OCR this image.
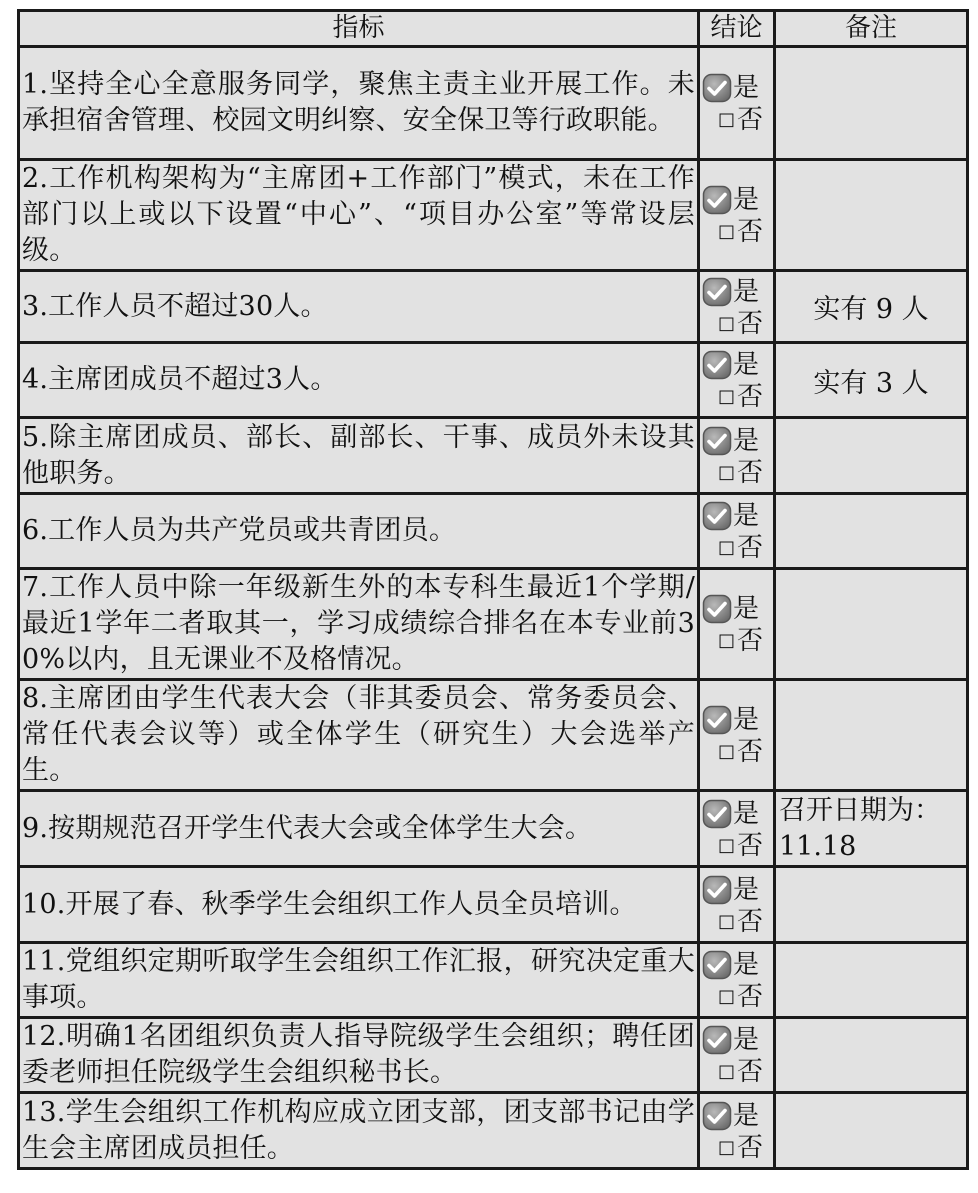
指标	结论	备注
1.坚持全心全意服务同学，聚焦主责主业开展工作。未承担宿舍管理、校园文明纠察、安全保卫等行政职能。	是
□ 否	

2.工作机构架构为“主席团+工作部门”模式，未在工作部门以上或以下设置“中心”、“项目办公室”等常设层级。	是
□ 否	

3.工作人员不超过30人。	是
□ 否	实有 9 人
4.主席团成员不超过3人。	是
□ 否	实有 3 人
5.除主席团成员、部长、副部长、干事、成员外未设其他职务。	是
□ 否	

6.工作人员为共产党员或共青团员。	是
□ 否	

7.工作人员中除一年级新生外的本专科生最近1个学期/最近1学年二者取其一，学习成绩综合排名在本专业前30%以内，且无课业不及格情况。	是
□ 否	

8.主席团由学生代表大会（非其委员会、常务委员会、常任代表会议等）或全体学生（研究生）大会选举产生。	是
□ 否	

9.按期规范召开学生代表大会或全体学生大会。	是
□ 否	召开日期为：11.18
10.开展了春、秋季学生会组织工作人员全员培训。	是
□ 否	

11.党组织定期听取学生会组织工作汇报，研究决定重大事项。	是
□ 否	

12.明确1名团组织负责人指导院级学生会组织；聘任团委老师担任院级学生会组织秘书长。	是
□ 否	

13.学生会组织工作机构应成立团支部，团支部书记由学生会主席团成员担任。	是
□ 否	
